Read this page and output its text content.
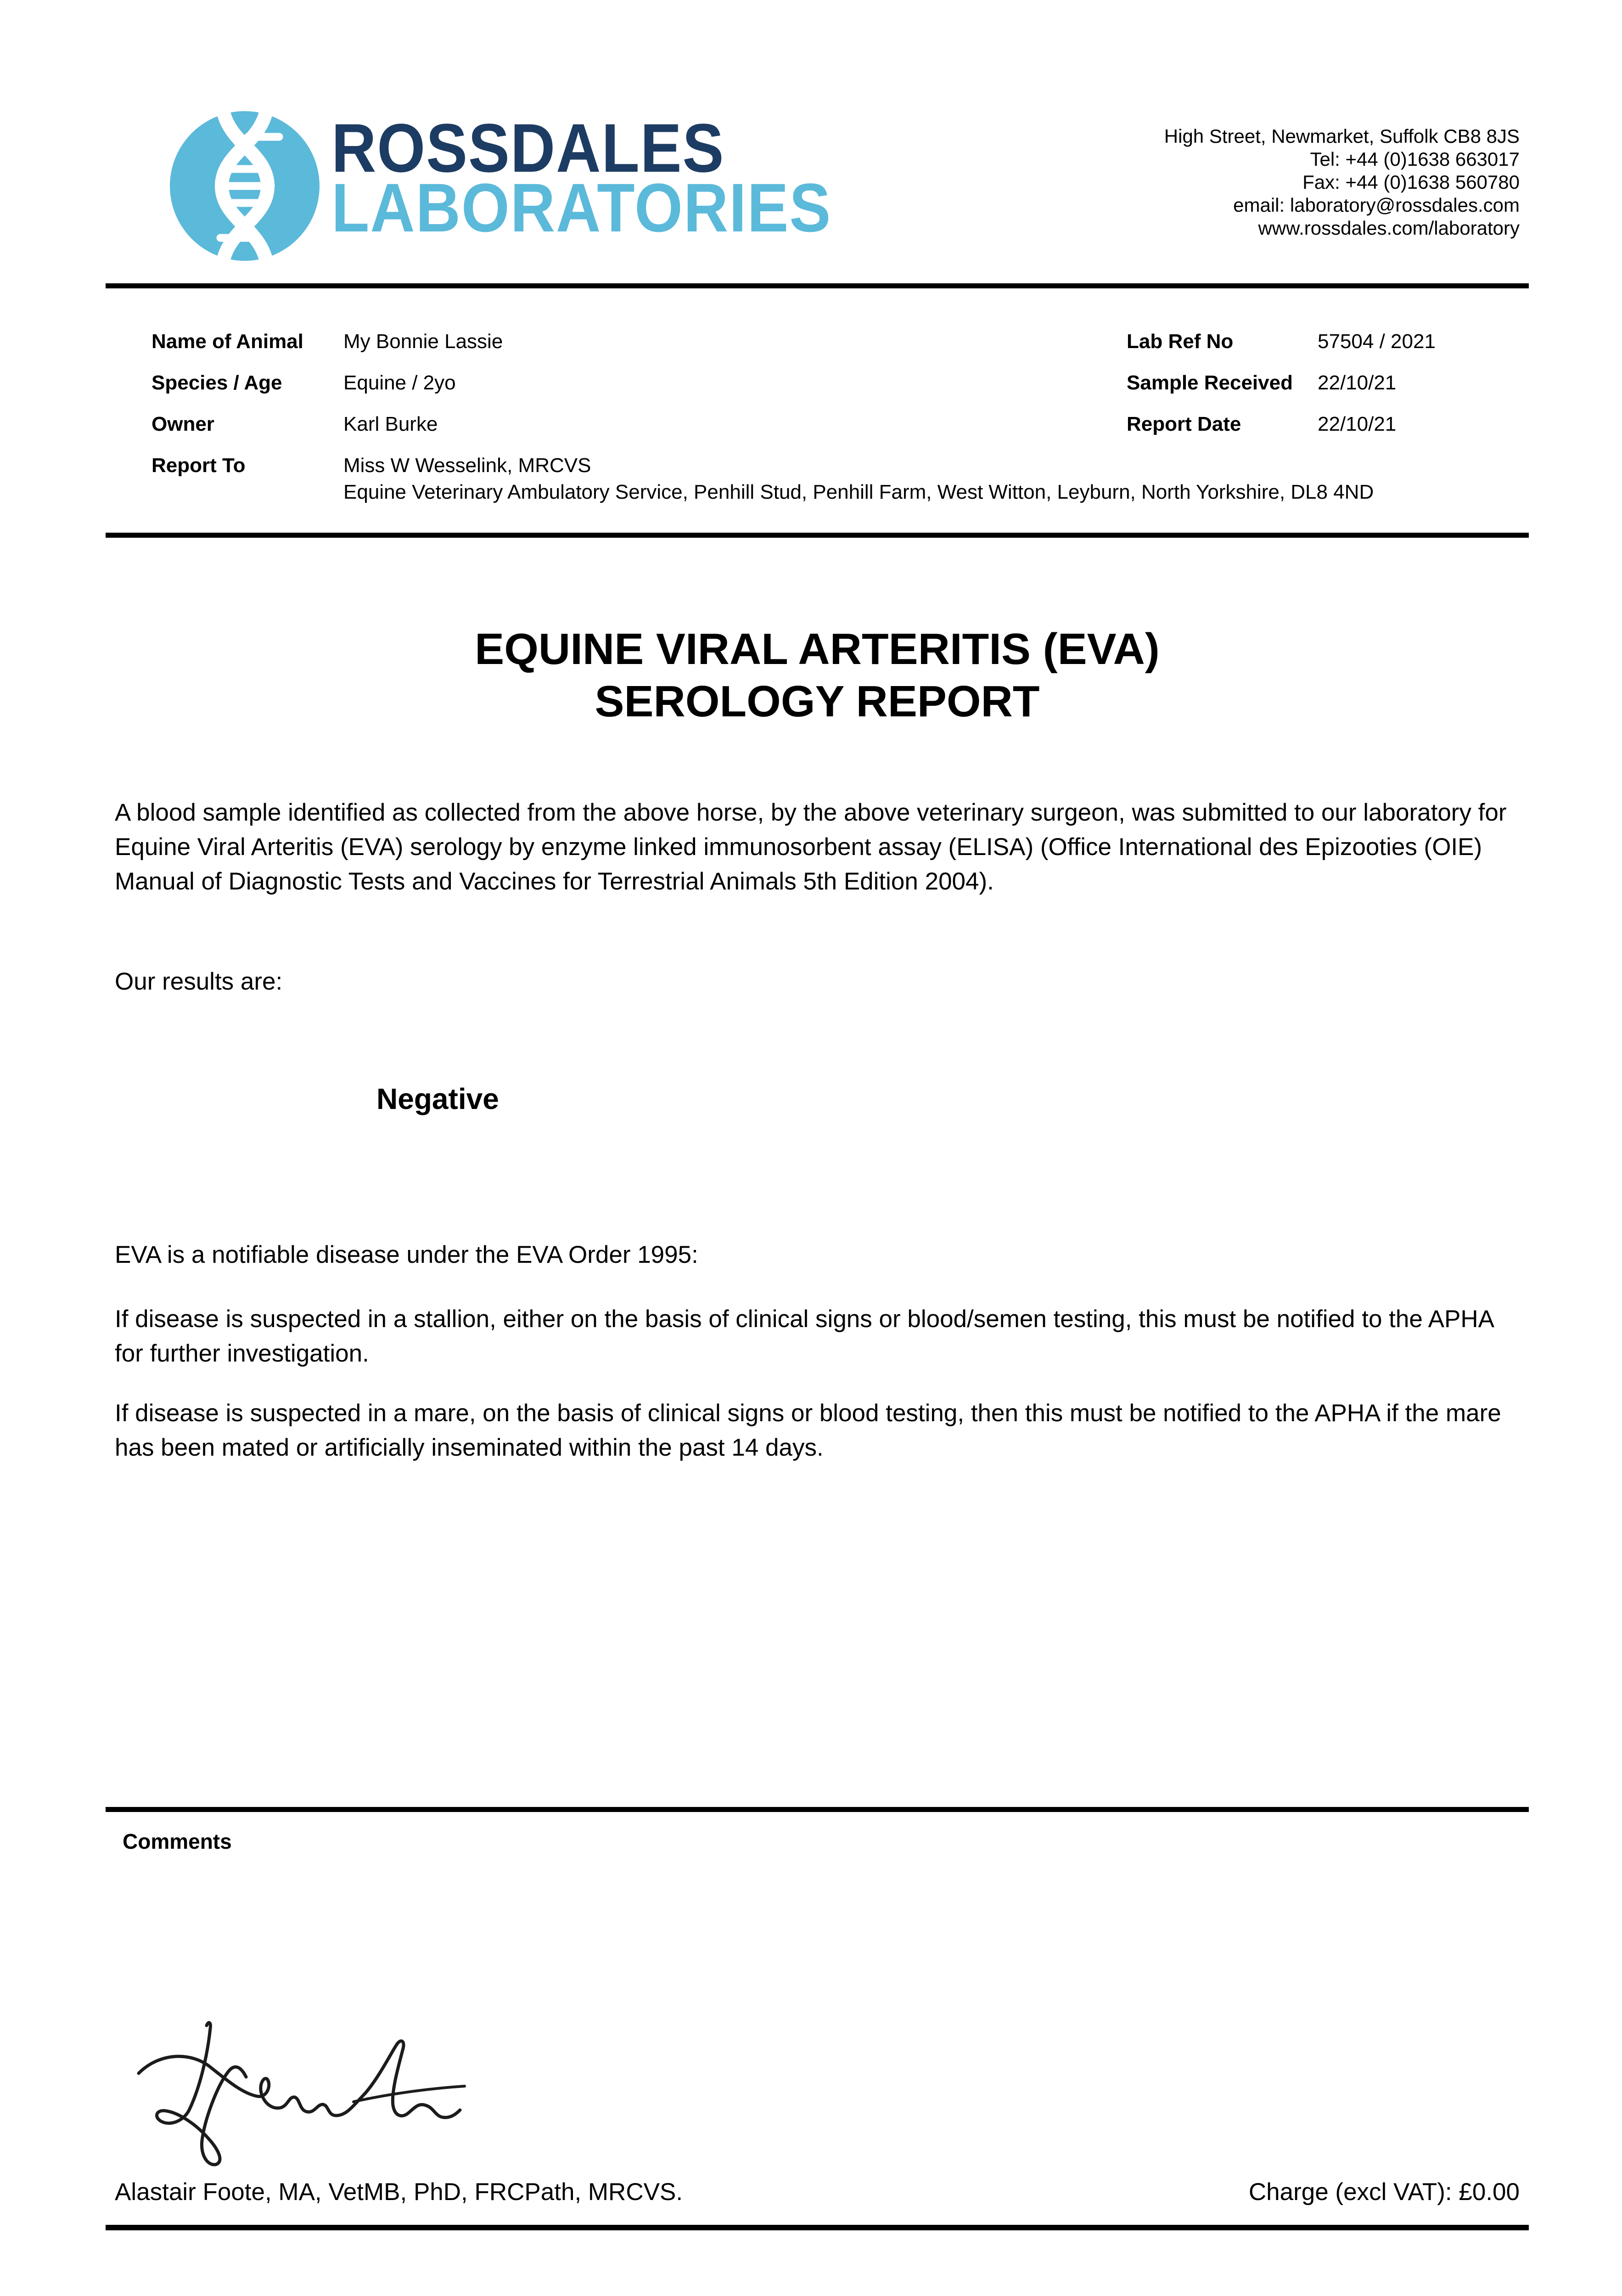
ROSSDALES
LABORATORIES
High Street, Newmarket, Suffolk CB8 8JS
Tel: +44 (0)1638 663017
Fax: +44 (0)1638 560780
email: laboratory@rossdales.com
www.rossdales.com/laboratory
Name of Animal My Bonnie Lassie
Species / Age	Equine / 2yo
Owner	Karl Burke
Report To	Miss W Wesselink, MRCVS
Equine Veterinary Ambulatory Service, Penhill Stud, Penhill Farm, West Witton, Leyburn, North Yorkshire, DL8 4ND
Lab Ref No	57504 / 2021
Sample Received 22/10/21
Report Date	22/10/21
EQUINE VIRAL ARTERITIS (EVA)
SEROLOGY REPORT
A blood sample identified as collected from the above horse, by the above veterinary surgeon, was submitted to our laboratory for Equine Viral Arteritis (EVA) serology by enzyme linked immunosorbent assay (ELISA) (Office International des Epizooties (OIE) Manual of Diagnostic Tests and Vaccines for Terrestrial Animals 5th Edition 2004).
Our results are:
Negative
EVA is a notifiable disease under the EVA Order 1995:
If disease is suspected in a stallion, either on the basis of clinical signs or blood/semen testing, this must be notified to the APHA for further investigation.
If disease is suspected in a mare, on the basis of clinical signs or blood testing, then this must be notified to the APHA if the mare has been mated or artificially inseminated within the past 14 days.
Comments
Alastair Foote, MA, VetMB, PhD, FRCPath, MRCVS.	Charge (excl VAT): £0.00
